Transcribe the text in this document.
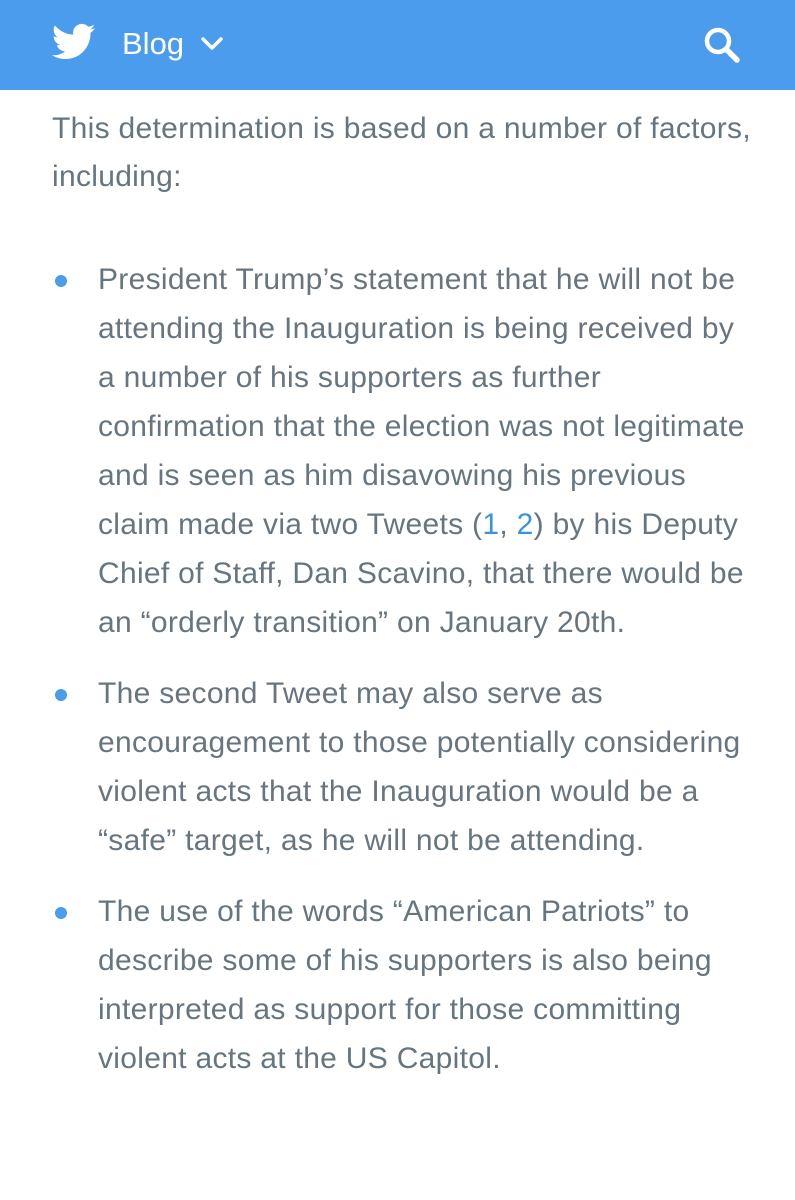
Blog

This determination is based on a number of factors, including:

President Trump’s statement that he will not be attending the Inauguration is being received by a number of his supporters as further confirmation that the election was not legitimate and is seen as him disavowing his previous claim made via two Tweets (1, 2) by his Deputy Chief of Staff, Dan Scavino, that there would be an “orderly transition” on January 20th.
The second Tweet may also serve as encouragement to those potentially considering violent acts that the Inauguration would be a “safe” target, as he will not be attending.
The use of the words “American Patriots” to describe some of his supporters is also being interpreted as support for those committing violent acts at the US Capitol.
